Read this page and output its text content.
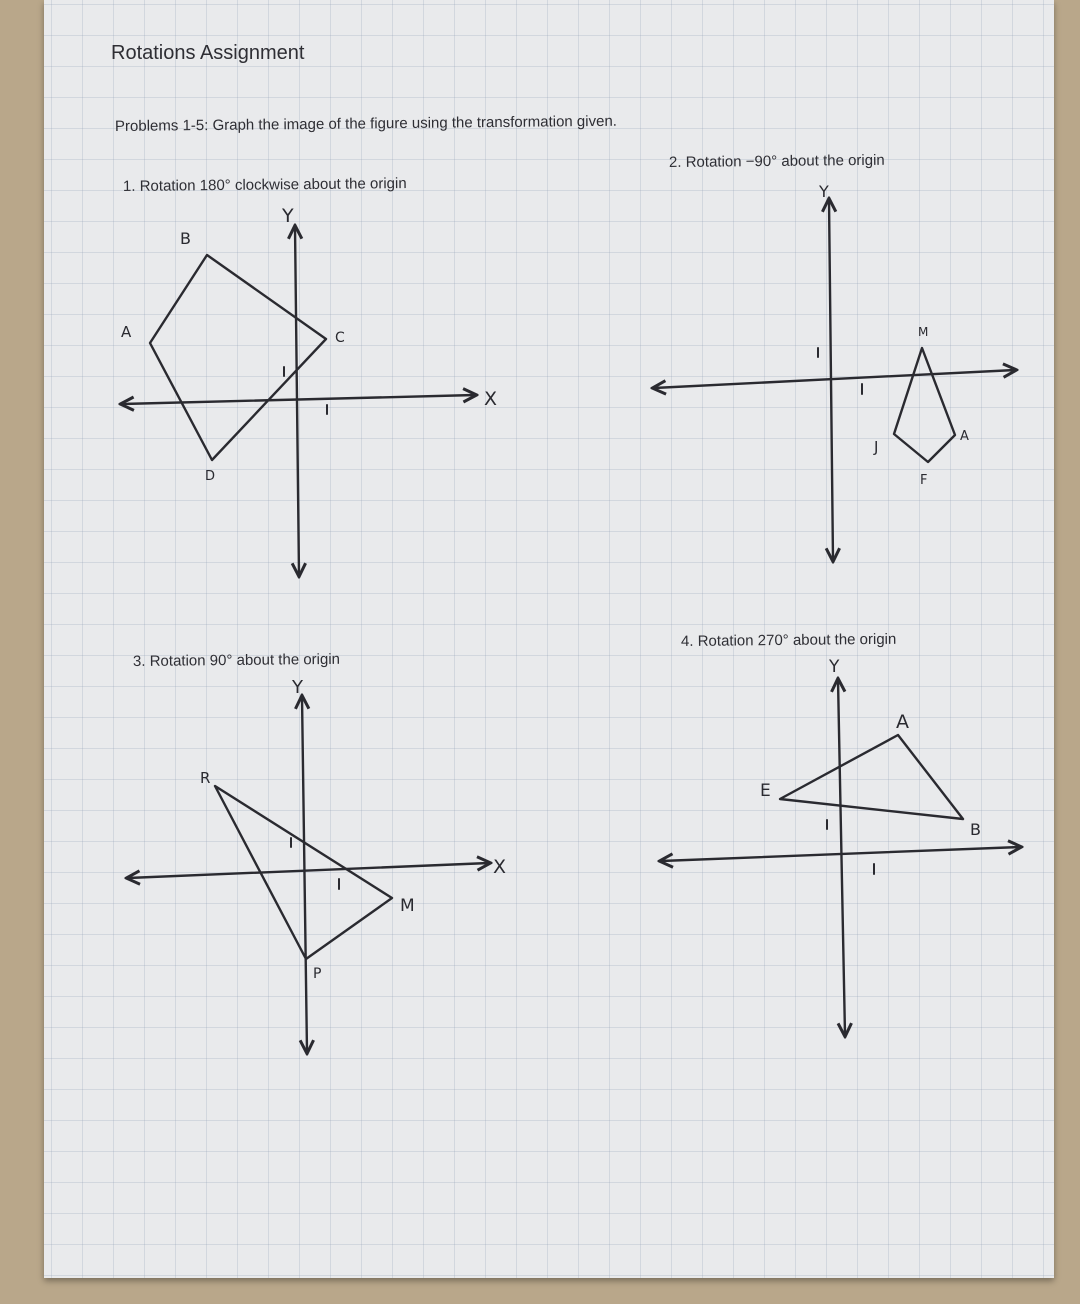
Rotations Assignment
Problems 1-5: Graph the image of the figure using the transformation given.
1. Rotation 180° clockwise about the origin
2. Rotation −90° about the origin
3. Rotation 90° about the origin
4. Rotation 270° about the origin
X
Y
A
B
C
D
Y
M
A
F
J
X
Y
R
M
P
Y
A
B
E
